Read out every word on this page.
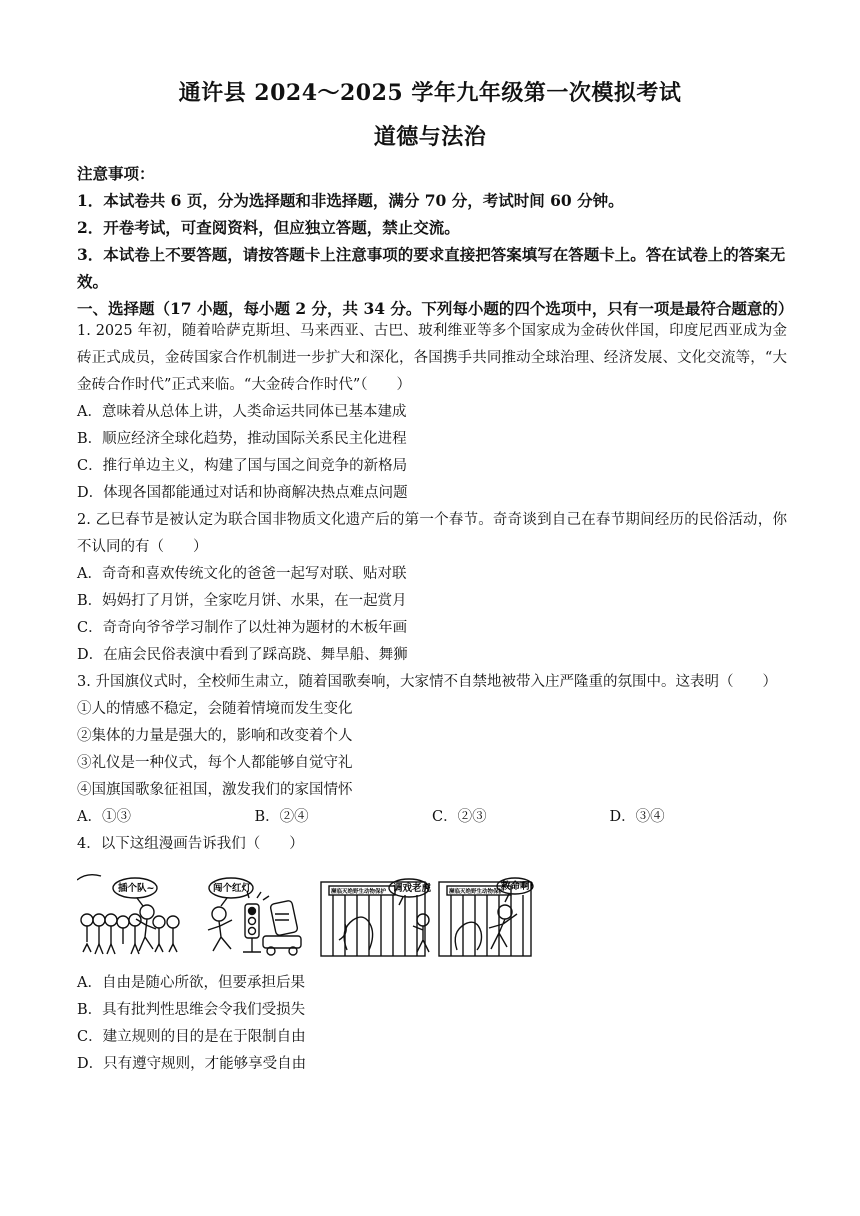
通许县 2024～2025 学年九年级第一次模拟考试
道德与法治
注意事项：
1．本试卷共 6 页，分为选择题和非选择题，满分 70 分，考试时间 60 分钟。
2．开卷考试，可查阅资料，但应独立答题，禁止交流。
3．本试卷上不要答题，请按答题卡上注意事项的要求直接把答案填写在答题卡上。答在试卷上的答案无效。
一、选择题（17 小题，每小题 2 分，共 34 分。下列每小题的四个选项中，只有一项是最符合题意的）

1. 2025 年初，随着哈萨克斯坦、马来西亚、古巴、玻利维亚等多个国家成为金砖伙伴国，印度尼西亚成为金砖正式成员，金砖国家合作机制进一步扩大和深化，各国携手共同推动全球治理、经济发展、文化交流等，“大金砖合作时代”正式来临。“大金砖合作时代”（　　）

A．意味着从总体上讲，人类命运共同体已基本建成

B．顺应经济全球化趋势，推动国际关系民主化进程

C．推行单边主义，构建了国与国之间竞争的新格局

D．体现各国都能通过对话和协商解决热点难点问题

2. 乙巳春节是被认定为联合国非物质文化遗产后的第一个春节。奇奇谈到自己在春节期间经历的民俗活动，你不认同的有（　　）

A．奇奇和喜欢传统文化的爸爸一起写对联、贴对联

B．妈妈打了月饼，全家吃月饼、水果，在一起赏月

C．奇奇向爷爷学习制作了以灶神为题材的木板年画

D．在庙会民俗表演中看到了踩高跷、舞旱船、舞狮

3. 升国旗仪式时，全校师生肃立，随着国歌奏响，大家情不自禁地被带入庄严隆重的氛围中。这表明（　　）

①人的情感不稳定，会随着情境而发生变化

②集体的力量是强大的，影响和改变着个人

③礼仪是一种仪式，每个人都能够自觉守礼

④国旗国歌象征祖国，激发我们的家国情怀

A．①③	B．②④	C．②③	D．③④

4．以下这组漫画告诉我们（　　）

插个队~	闯个红灯	濒临灭绝野生动物保护 调戏老虎	濒临灭绝野生动物保护
救命啊!

A．自由是随心所欲，但要承担后果

B．具有批判性思维会令我们受损失

C．建立规则的目的是在于限制自由

D．只有遵守规则，才能够享受自由
